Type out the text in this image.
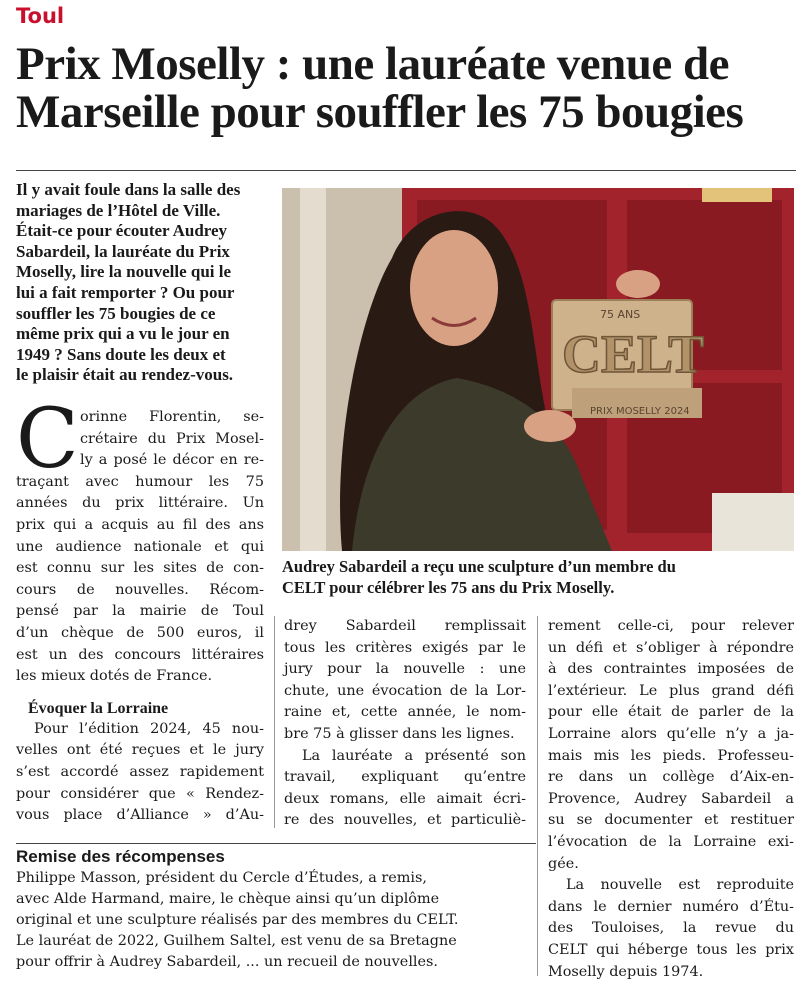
Toul
Prix Moselly : une lauréate venue de
Marseille pour souffler les 75 bougies
Il y avait foule dans la salle des
mariages de l’Hôtel de Ville.
Était-ce pour écouter Audrey
Sabardeil, la lauréate du Prix
Moselly, lire la nouvelle qui le
lui a fait remporter ? Ou pour
souffler les 75 bougies de ce
même prix qui a vu le jour en
1949 ? Sans doute les deux et
le plaisir était au rendez-vous.
C orinne Florentin, se-
crétaire du Prix Mosel-
ly a posé le décor en re-
traçant avec humour les 75
années du prix littéraire. Un
prix qui a acquis au fil des ans
une audience nationale et qui
est connu sur les sites de con-
cours de nouvelles. Récom-
pensé par la mairie de Toul
d’un chèque de 500 euros, il
est un des concours littéraires
les mieux dotés de France.
Évoquer la Lorraine
Pour l’édition 2024, 45 nou-
velles ont été reçues et le jury
s’est accordé assez rapidement
pour considérer que « Rendez-
vous place d’Alliance » d’Au-
75 ANS
CELT
PRIX MOSELLY 2024
Audrey Sabardeil a reçu une sculpture d’un membre du
CELT pour célébrer les 75 ans du Prix Moselly.
drey Sabardeil remplissait
tous les critères exigés par le
jury pour la nouvelle : une
chute, une évocation de la Lor-
raine et, cette année, le nom-
bre 75 à glisser dans les lignes.
La lauréate a présenté son
travail, expliquant qu’entre
deux romans, elle aimait écri-
re des nouvelles, et particuliè-
rement celle-ci, pour relever
un défi et s’obliger à répondre
à des contraintes imposées de
l’extérieur. Le plus grand défi
pour elle était de parler de la
Lorraine alors qu’elle n’y a ja-
mais mis les pieds. Professeu-
re dans un collège d’Aix-en-
Provence, Audrey Sabardeil a
su se documenter et restituer
l’évocation de la Lorraine exi-
gée.
La nouvelle est reproduite
dans le dernier numéro d’Étu-
des Touloises, la revue du
CELT qui héberge tous les prix
Moselly depuis 1974.
Remise des récompenses
Philippe Masson, président du Cercle d’Études, a remis,
avec Alde Harmand, maire, le chèque ainsi qu’un diplôme
original et une sculpture réalisés par des membres du CELT.
Le lauréat de 2022, Guilhem Saltel, est venu de sa Bretagne
pour offrir à Audrey Sabardeil, ... un recueil de nouvelles.
